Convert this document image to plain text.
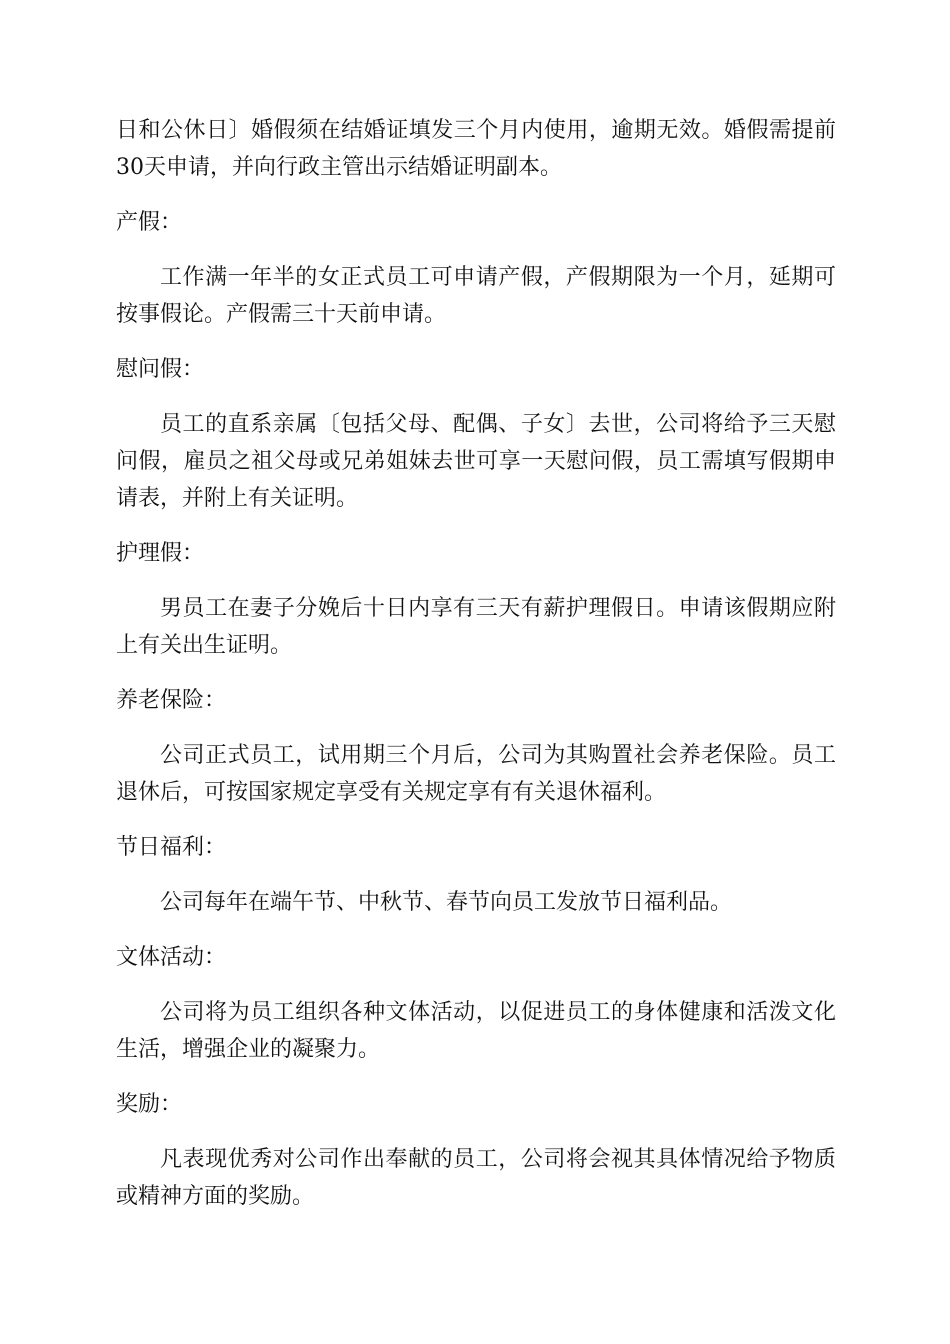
日和公休日〕婚假须在结婚证填发三个月内使用，逾期无效。婚假需提前30天申请，并向行政主管出示结婚证明副本。

产假：

工作满一年半的女正式员工可申请产假，产假期限为一个月，延期可按事假论。产假需三十天前申请。

慰问假：

员工的直系亲属〔包括父母、配偶、子女〕去世，公司将给予三天慰问假，雇员之祖父母或兄弟姐妹去世可享一天慰问假，员工需填写假期申请表，并附上有关证明。

护理假：

男员工在妻子分娩后十日内享有三天有薪护理假日。申请该假期应附上有关出生证明。

养老保险：

公司正式员工，试用期三个月后，公司为其购置社会养老保险。员工退休后，可按国家规定享受有关规定享有有关退休福利。

节日福利：

公司每年在端午节、中秋节、春节向员工发放节日福利品。

文体活动：

公司将为员工组织各种文体活动，以促进员工的身体健康和活泼文化生活，增强企业的凝聚力。

奖励：

凡表现优秀对公司作出奉献的员工，公司将会视其具体情况给予物质或精神方面的奖励。
